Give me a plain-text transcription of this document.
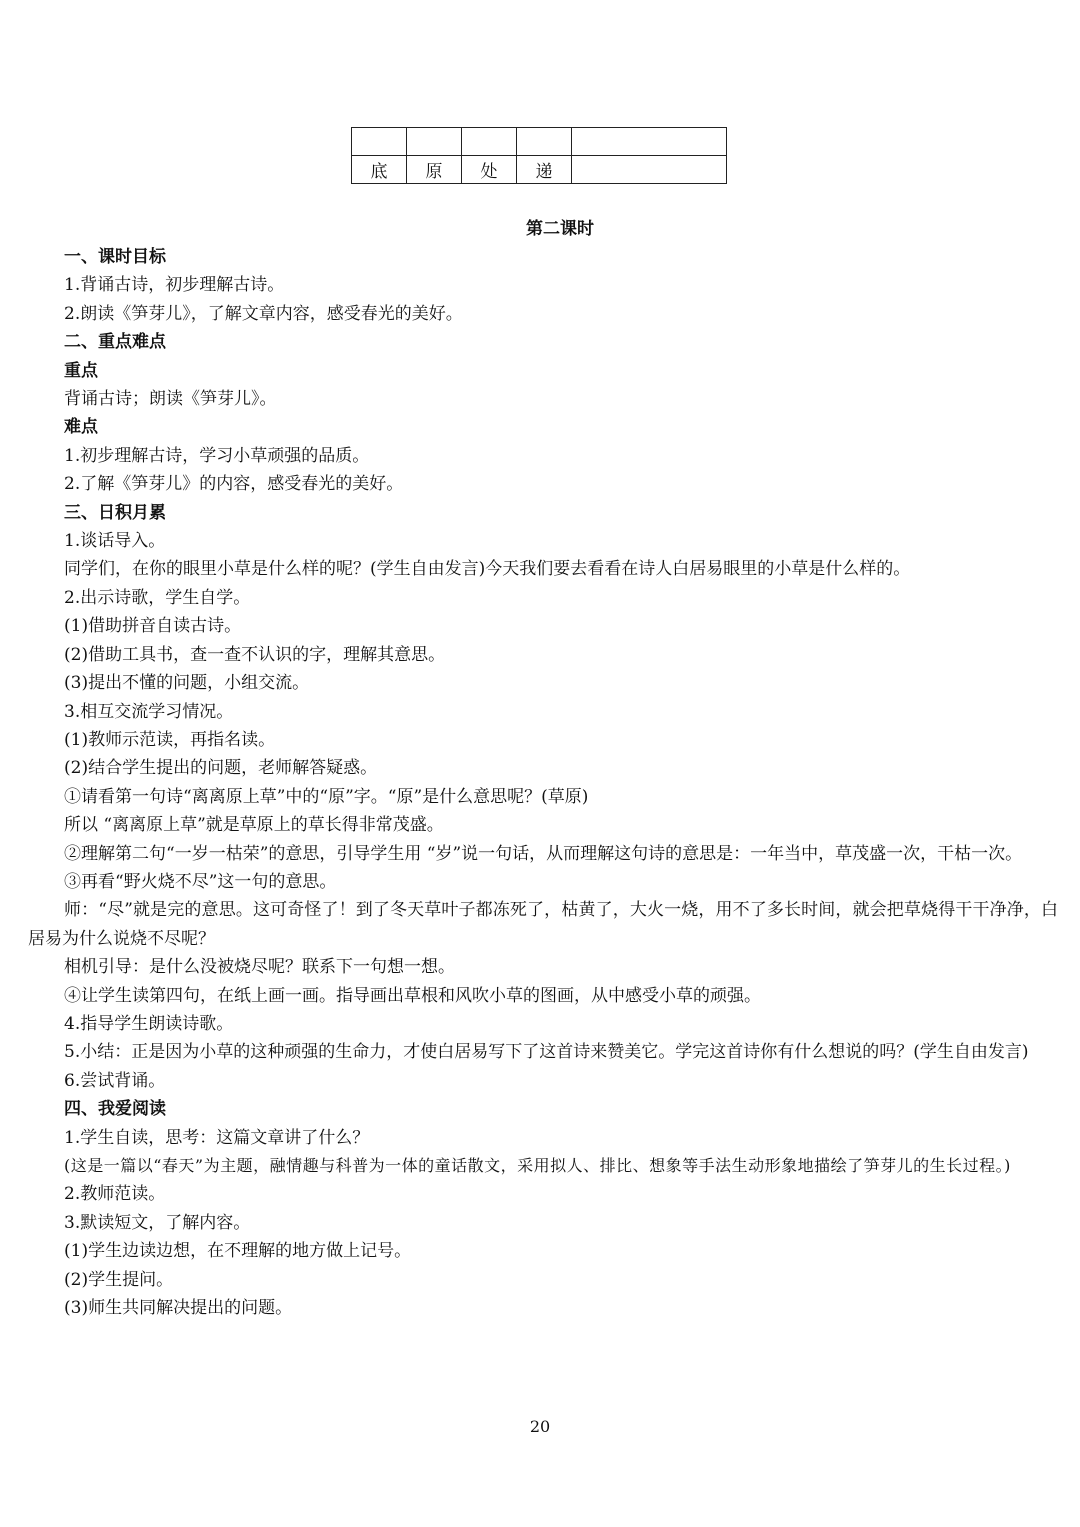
底	原	处	递	
第二课时

一、课时目标

1.背诵古诗，初步理解古诗。

2.朗读《笋芽儿》，了解文章内容，感受春光的美好。

二、重点难点

重点

背诵古诗；朗读《笋芽儿》。

难点

1.初步理解古诗，学习小草顽强的品质。

2.了解《笋芽儿》的内容，感受春光的美好。

三、日积月累

1.谈话导入。

同学们，在你的眼里小草是什么样的呢？(学生自由发言)今天我们要去看看在诗人白居易眼里的小草是什么样的。

2.出示诗歌，学生自学。

(1)借助拼音自读古诗。

(2)借助工具书，查一查不认识的字，理解其意思。

(3)提出不懂的问题，小组交流。

3.相互交流学习情况。

(1)教师示范读，再指名读。

(2)结合学生提出的问题，老师解答疑惑。

①请看第一句诗“离离原上草”中的“原”字。“原”是什么意思呢？(草原)

所以 “离离原上草”就是草原上的草长得非常茂盛。

②理解第二句“一岁一枯荣”的意思，引导学生用 “岁”说一句话，从而理解这句诗的意思是：一年当中，草茂盛一次，干枯一次。

③再看“野火烧不尽”这一句的意思。

师：“尽”就是完的意思。这可奇怪了！到了冬天草叶子都冻死了，枯黄了，大火一烧，用不了多长时间，就会把草烧得干干净净，白居易为什么说烧不尽呢？

相机引导：是什么没被烧尽呢？联系下一句想一想。

④让学生读第四句，在纸上画一画。指导画出草根和风吹小草的图画，从中感受小草的顽强。

4.指导学生朗读诗歌。

5.小结：正是因为小草的这种顽强的生命力，才使白居易写下了这首诗来赞美它。学完这首诗你有什么想说的吗？(学生自由发言)

6.尝试背诵。

四、我爱阅读

1.学生自读，思考：这篇文章讲了什么？

(这是一篇以“春天”为主题，融情趣与科普为一体的童话散文，采用拟人、排比、想象等手法生动形象地描绘了笋芽儿的生长过程。)

2.教师范读。

3.默读短文，了解内容。

(1)学生边读边想，在不理解的地方做上记号。

(2)学生提问。

(3)师生共同解决提出的问题。

20
